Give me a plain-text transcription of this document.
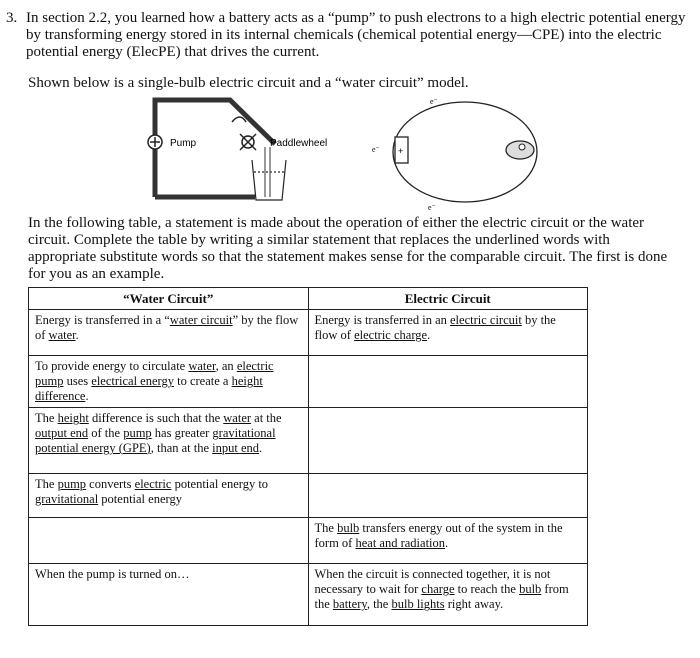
3. In section 2.2, you learned how a battery acts as a “pump” to push electrons to a high electric potential energy by transforming energy stored in its internal chemicals (chemical potential energy—CPE) into the electric potential energy (ElecPE) that drives the current.
Shown below is a single-bulb electric circuit and a “water circuit” model.
Pump	Paddlewheel
+
e⁻
e⁻
e⁻
In the following table, a statement is made about the operation of either the electric circuit or the water circuit. Complete the table by writing a similar statement that replaces the underlined words with appropriate substitute words so that the statement makes sense for the comparable circuit. The first is done for you as an example.
“Water Circuit”	Electric Circuit
Energy is transferred in a “water circuit” by the flow of water.	Energy is transferred in an electric circuit by the flow of electric charge.
To provide energy to circulate water, an electric pump uses electrical energy to create a height difference.	
The height difference is such that the water at the output end of the pump has greater gravitational potential energy (GPE), than at the input end.	
The pump converts electric potential energy to gravitational potential energy	
	The bulb transfers energy out of the system in the form of heat and radiation.
When the pump is turned on…	When the circuit is connected together, it is not necessary to wait for charge to reach the bulb from the battery, the bulb lights right away.
